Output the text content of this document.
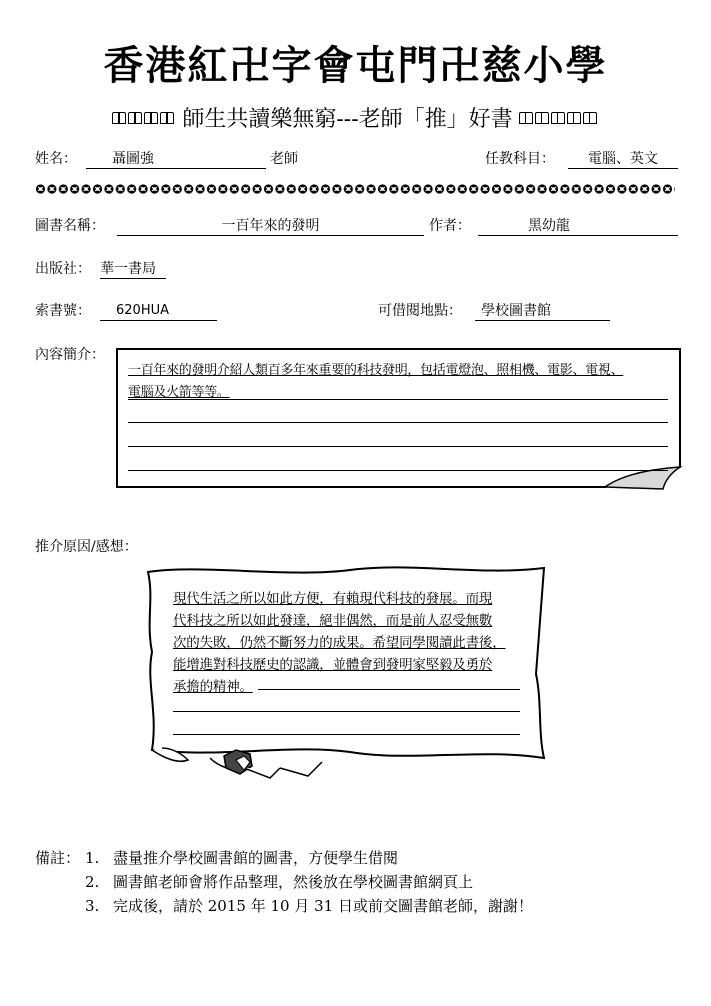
香港紅卍字會屯門卍慈小學
師生共讀樂無窮---老師「推」好書
姓名：	聶圖強	老師	任教科目：	電腦、英文
圖書名稱：	一百年來的發明	作者：	黑幼龍
出版社： 華一書局
索書號：	620HUA	可借閱地點：	學校圖書館
內容簡介：
一百年來的發明介紹人類百多年來重要的科技發明，包括電燈泡、照相機、電影、電視、
電腦及火箭等等。
推介原因/感想：
現代生活之所以如此方便，有賴現代科技的發展。而現
代科技之所以如此發達，絕非偶然，而是前人忍受無數
次的失敗，仍然不斷努力的成果。希望同學閱讀此書後，
能增進對科技歷史的認識，並體會到發明家堅毅及勇於
承擔的精神。
備註： 1. 盡量推介學校圖書館的圖書，方便學生借閱
2. 圖書館老師會將作品整理，然後放在學校圖書館網頁上
3. 完成後，請於 2015 年 10 月 31 日或前交圖書館老師，謝謝！
